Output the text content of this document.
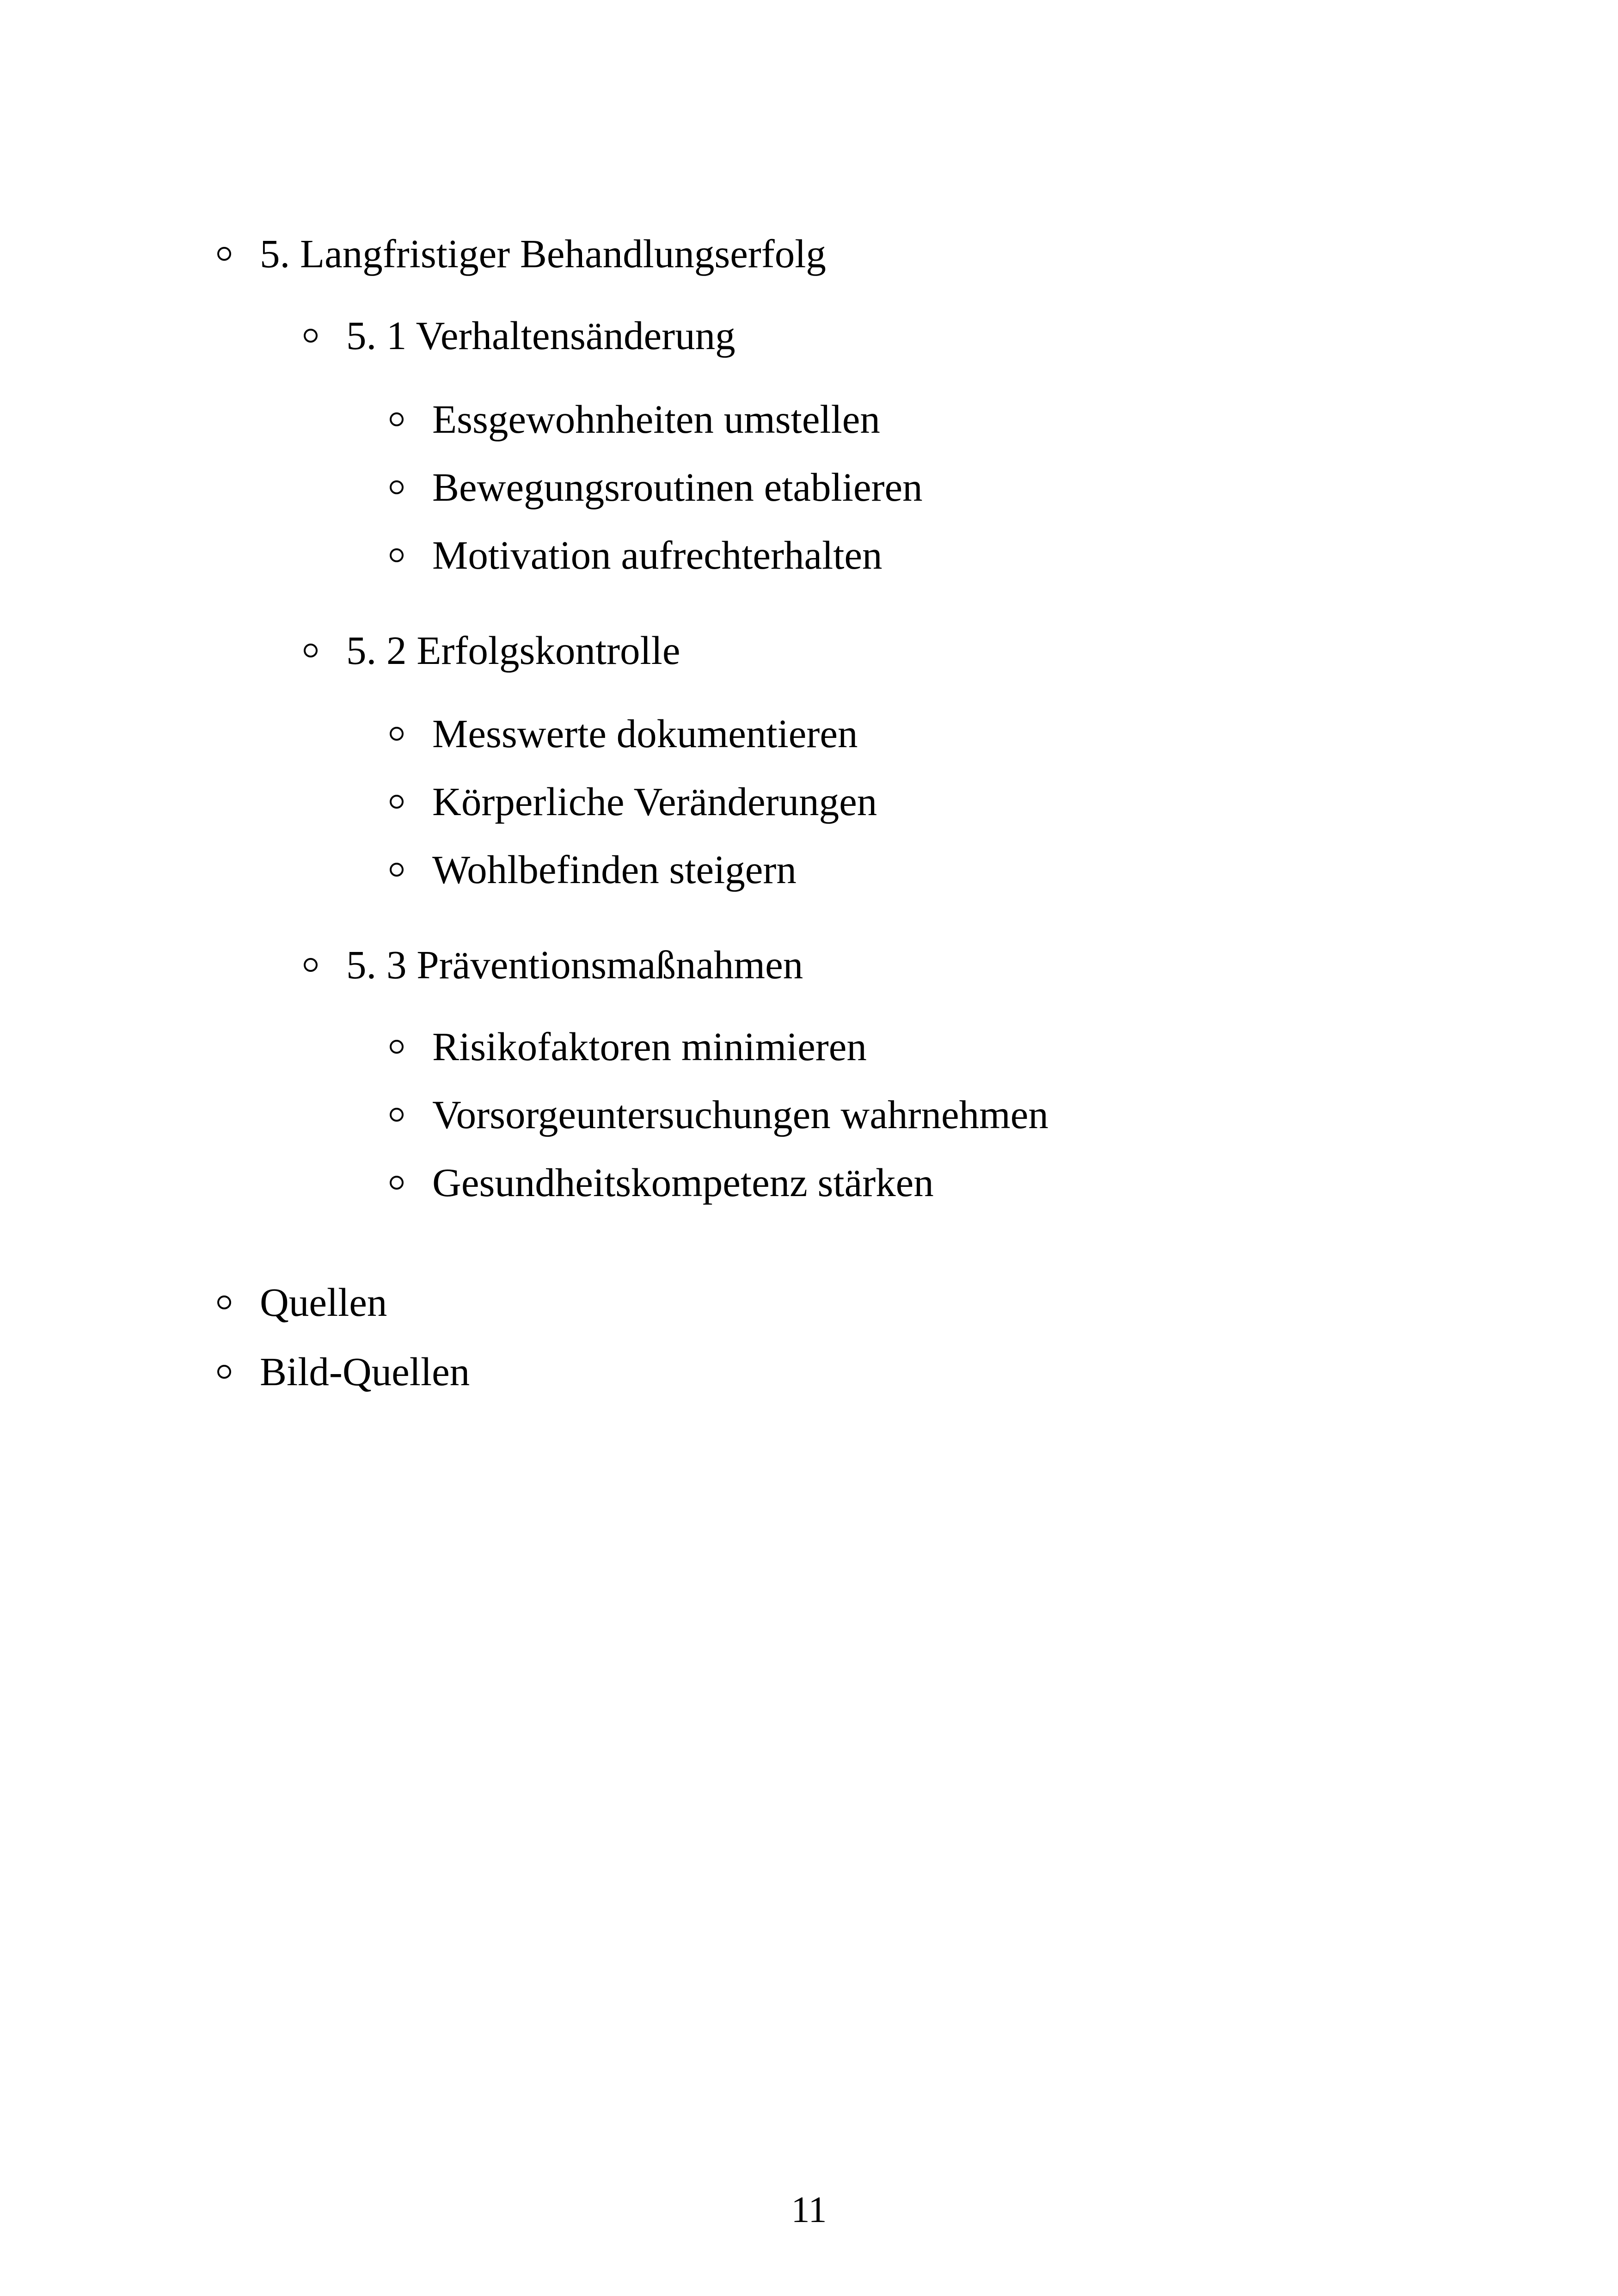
5. Langfristiger Behandlungserfolg
5. 1 Verhaltensänderung
Essgewohnheiten umstellen
Bewegungsroutinen etablieren
Motivation aufrechterhalten
5. 2 Erfolgskontrolle
Messwerte dokumentieren
Körperliche Veränderungen
Wohlbefinden steigern
5. 3 Präventionsmaßnahmen
Risikofaktoren minimieren
Vorsorgeuntersuchungen wahrnehmen
Gesundheitskompetenz stärken
Quellen
Bild-Quellen
11
